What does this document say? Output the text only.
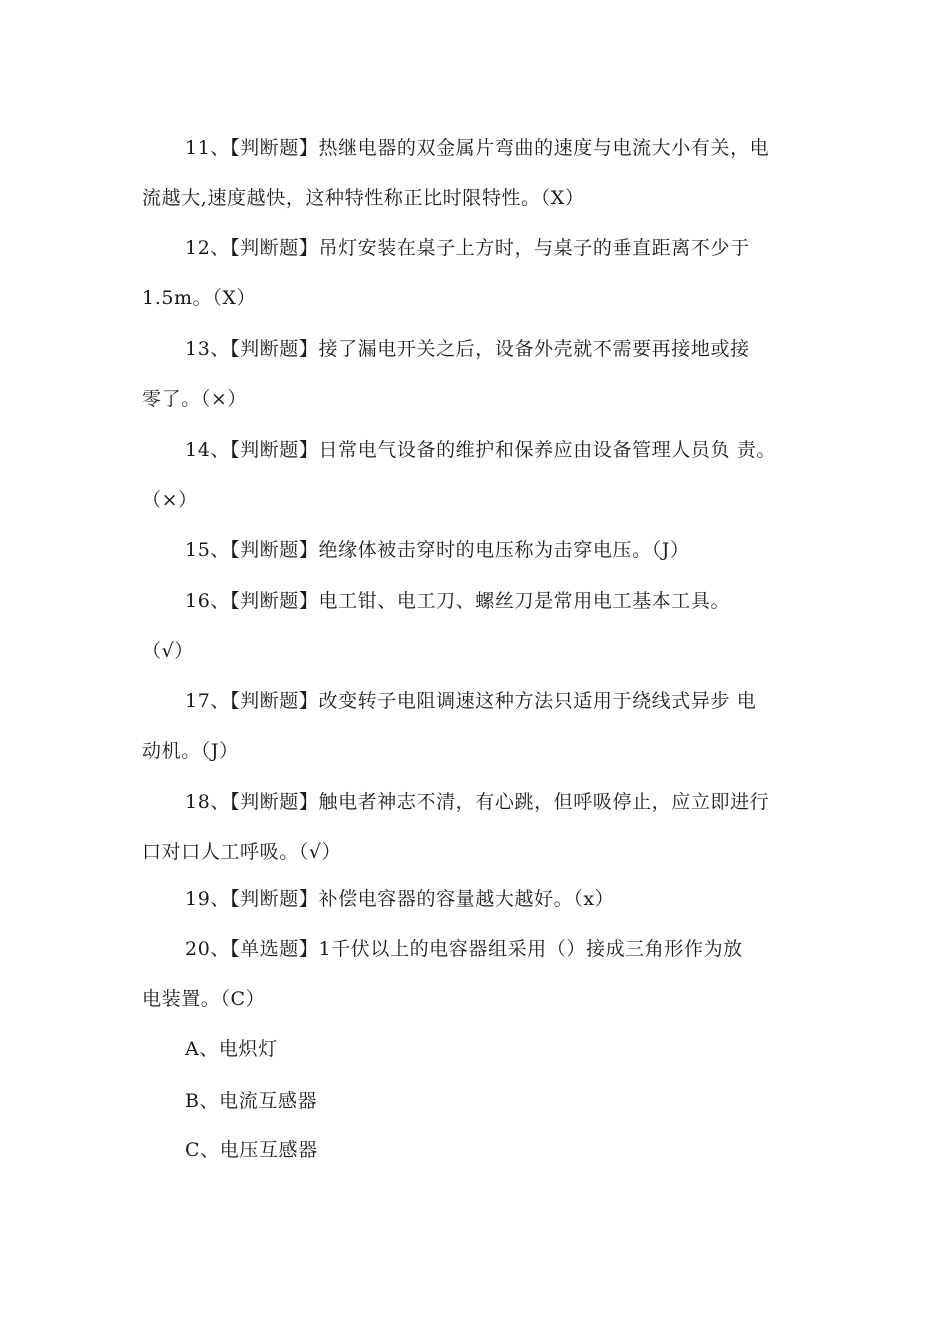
11、【判断题】热继电器的双金属片弯曲的速度与电流大小有关，电
流越大,速度越快，这种特性称正比时限特性。（X）
12、【判断题】吊灯安装在桌子上方时，与桌子的垂直距离不少于
1.5m。（X）
13、【判断题】接了漏电开关之后，设备外壳就不需要再接地或接
零了。（×）
14、【判断题】日常电气设备的维护和保养应由设备管理人员负 责。
（×）
15、【判断题】绝缘体被击穿时的电压称为击穿电压。（J）
16、【判断题】电工钳、电工刀、螺丝刀是常用电工基本工具。
（√）
17、【判断题】改变转子电阻调速这种方法只适用于绕线式异步 电
动机。（J）
18、【判断题】触电者神志不清，有心跳，但呼吸停止，应立即进行
口对口人工呼吸。（√）
19、【判断题】补偿电容器的容量越大越好。（x）
20、【单选题】1千伏以上的电容器组采用（）接成三角形作为放
电装置。（C）
A、电炽灯
B、电流互感器
C、电压互感器
